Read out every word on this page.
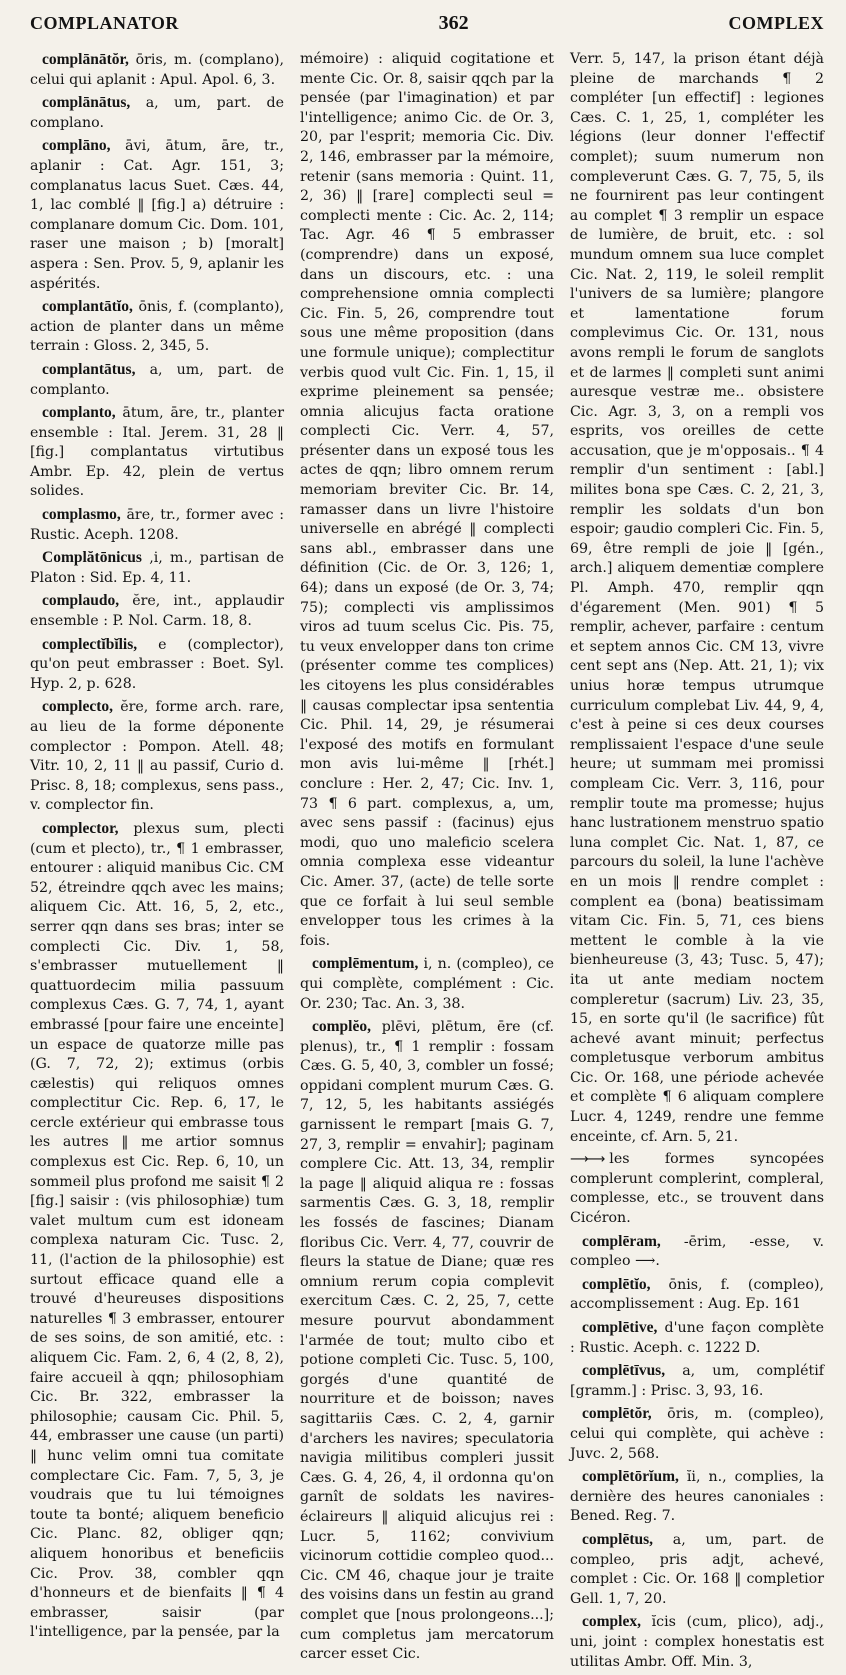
COMPLANATOR	362	COMPLEX

complānātŏr, ōris, m. (complano), celui qui aplanit : Apul. Apol. 6, 3.

complānātus, a, um, part. de complano.

complāno, āvi, ātum, āre, tr., aplanir : Cat. Agr. 151, 3; complanatus lacus Suet. Cæs. 44, 1, lac comblé ‖ [fig.] a) détruire : complanare domum Cic. Dom. 101, raser une maison ; b) [moralt] aspera : Sen. Prov. 5, 9, aplanir les aspérités.

complantātĭo, ōnis, f. (complanto), action de planter dans un même terrain : Gloss. 2, 345, 5.

complantātus, a, um, part. de complanto.

complanto, ātum, āre, tr., planter ensemble : Ital. Jerem. 31, 28 ‖ [fig.] complantatus virtutibus Ambr. Ep. 42, plein de vertus solides.

complasmo, āre, tr., former avec : Rustic. Aceph. 1208.

Complătōnicus ,i, m., partisan de Platon : Sid. Ep. 4, 11.

complaudo, ĕre, int., applaudir ensemble : P. Nol. Carm. 18, 8.

complectĭbĭlis, e (complector), qu'on peut embrasser : Boet. Syl. Hyp. 2, p. 628.

complecto, ĕre, forme arch. rare, au lieu de la forme déponente complector : Pompon. Atell. 48; Vitr. 10, 2, 11 ‖ au passif, Curio d. Prisc. 8, 18; complexus, sens pass., v. complector fin.

complector, plexus sum, plecti (cum et plecto), tr., ¶ 1 embrasser, entourer : aliquid manibus Cic. CM 52, étreindre qqch avec les mains; aliquem Cic. Att. 16, 5, 2, etc., serrer qqn dans ses bras; inter se complecti Cic. Div. 1, 58, s'embrasser mutuellement ‖ quattuordecim milia passuum complexus Cæs. G. 7, 74, 1, ayant embrassé [pour faire une enceinte] un espace de quatorze mille pas (G. 7, 72, 2); extimus (orbis cælestis) qui reliquos omnes complectitur Cic. Rep. 6, 17, le cercle extérieur qui embrasse tous les autres ‖ me artior somnus complexus est Cic. Rep. 6, 10, un sommeil plus profond me saisit ¶ 2 [fig.] saisir : (vis philosophiæ) tum valet multum cum est idoneam complexa naturam Cic. Tusc. 2, 11, (l'action de la philosophie) est surtout efficace quand elle a trouvé d'heureuses dispositions naturelles ¶ 3 embrasser, entourer de ses soins, de son amitié, etc. : aliquem Cic. Fam. 2, 6, 4 (2, 8, 2), faire accueil à qqn; philosophiam Cic. Br. 322, embrasser la philosophie; causam Cic. Phil. 5, 44, embrasser une cause (un parti) ‖ hunc velim omni tua comitate complectare Cic. Fam. 7, 5, 3, je voudrais que tu lui témoignes toute ta bonté; aliquem beneficio Cic. Planc. 82, obliger qqn; aliquem honoribus et beneficiis Cic. Prov. 38, combler qqn d'honneurs et de bienfaits ‖ ¶ 4 embrasser, saisir (par l'intelligence, par la pensée, par la

mémoire) : aliquid cogitatione et mente Cic. Or. 8, saisir qqch par la pensée (par l'imagination) et par l'intelligence; animo Cic. de Or. 3, 20, par l'esprit; memoria Cic. Div. 2, 146, embrasser par la mémoire, retenir (sans memoria : Quint. 11, 2, 36) ‖ [rare] complecti seul = complecti mente : Cic. Ac. 2, 114; Tac. Agr. 46 ¶ 5 embrasser (comprendre) dans un exposé, dans un discours, etc. : una comprehensione omnia complecti Cic. Fin. 5, 26, comprendre tout sous une même proposition (dans une formule unique); complectitur verbis quod vult Cic. Fin. 1, 15, il exprime pleinement sa pensée; omnia alicujus facta oratione complecti Cic. Verr. 4, 57, présenter dans un exposé tous les actes de qqn; libro omnem rerum memoriam breviter Cic. Br. 14, ramasser dans un livre l'histoire universelle en abrégé ‖ complecti sans abl., embrasser dans une définition (Cic. de Or. 3, 126; 1, 64); dans un exposé (de Or. 3, 74; 75); complecti vis amplissimos viros ad tuum scelus Cic. Pis. 75, tu veux envelopper dans ton crime (présenter comme tes complices) les citoyens les plus considérables ‖ causas complectar ipsa sententia Cic. Phil. 14, 29, je résumerai l'exposé des motifs en formulant mon avis lui-même ‖ [rhét.] conclure : Her. 2, 47; Cic. Inv. 1, 73 ¶ 6 part. complexus, a, um, avec sens passif : (facinus) ejus modi, quo uno maleficio scelera omnia complexa esse videantur Cic. Amer. 37, (acte) de telle sorte que ce forfait à lui seul semble envelopper tous les crimes à la fois.

complēmentum, i, n. (compleo), ce qui complète, complément : Cic. Or. 230; Tac. An. 3, 38.

complĕo, plēvi, plētum, ēre (cf. plenus), tr., ¶ 1 remplir : fossam Cæs. G. 5, 40, 3, combler un fossé; oppidani complent murum Cæs. G. 7, 12, 5, les habitants assiégés garnissent le rempart [mais G. 7, 27, 3, remplir = envahir]; paginam complere Cic. Att. 13, 34, remplir la page ‖ aliquid aliqua re : fossas sarmentis Cæs. G. 3, 18, remplir les fossés de fascines; Dianam floribus Cic. Verr. 4, 77, couvrir de fleurs la statue de Diane; quæ res omnium rerum copia complevit exercitum Cæs. C. 2, 25, 7, cette mesure pourvut abondamment l'armée de tout; multo cibo et potione completi Cic. Tusc. 5, 100, gorgés d'une quantité de nourriture et de boisson; naves sagittariis Cæs. C. 2, 4, garnir d'archers les navires; speculatoria navigia militibus compleri jussit Cæs. G. 4, 26, 4, il ordonna qu'on garnît de soldats les navires-éclaireurs ‖ aliquid alicujus rei : Lucr. 5, 1162; convivium vicinorum cottidie compleo quod... Cic. CM 46, chaque jour je traite des voisins dans un festin au grand complet que [nous prolongeons...]; cum completus jam mercatorum carcer esset Cic.

Verr. 5, 147, la prison étant déjà pleine de marchands ¶ 2 compléter [un effectif] : legiones Cæs. C. 1, 25, 1, compléter les légions (leur donner l'effectif complet); suum numerum non compleverunt Cæs. G. 7, 75, 5, ils ne fournirent pas leur contingent au complet ¶ 3 remplir un espace de lumière, de bruit, etc. : sol mundum omnem sua luce complet Cic. Nat. 2, 119, le soleil remplit l'univers de sa lumière; plangore et lamentatione forum complevimus Cic. Or. 131, nous avons rempli le forum de sanglots et de larmes ‖ completi sunt animi auresque vestræ me.. obsistere Cic. Agr. 3, 3, on a rempli vos esprits, vos oreilles de cette accusation, que je m'opposais.. ¶ 4 remplir d'un sentiment : [abl.] milites bona spe Cæs. C. 2, 21, 3, remplir les soldats d'un bon espoir; gaudio compleri Cic. Fin. 5, 69, être rempli de joie ‖ [gén., arch.] aliquem dementiæ complere Pl. Amph. 470, remplir qqn d'égarement (Men. 901) ¶ 5 remplir, achever, parfaire : centum et septem annos Cic. CM 13, vivre cent sept ans (Nep. Att. 21, 1); vix unius horæ tempus utrumque curriculum complebat Liv. 44, 9, 4, c'est à peine si ces deux courses remplissaient l'espace d'une seule heure; ut summam mei promissi compleam Cic. Verr. 3, 116, pour remplir toute ma promesse; hujus hanc lustrationem menstruo spatio luna complet Cic. Nat. 1, 87, ce parcours du soleil, la lune l'achève en un mois ‖ rendre complet : complent ea (bona) beatissimam vitam Cic. Fin. 5, 71, ces biens mettent le comble à la vie bienheureuse (3, 43; Tusc. 5, 47); ita ut ante mediam noctem compleretur (sacrum) Liv. 23, 35, 15, en sorte qu'il (le sacrifice) fût achevé avant minuit; perfectus completusque verborum ambitus Cic. Or. 168, une période achevée et complète ¶ 6 aliquam complere Lucr. 4, 1249, rendre une femme enceinte, cf. Arn. 5, 21.

⟶⟶ les formes syncopées complerunt complerint, compleral, complesse, etc., se trouvent dans Cicéron.

complēram, -ērim, -esse, v. compleo ⟶.

complētĭo, ōnis, f. (compleo), accomplissement : Aug. Ep. 161

complētive, d'une façon complète : Rustic. Aceph. c. 1222 D.

complētīvus, a, um, complétif [gramm.] : Prisc. 3, 93, 16.

complētŏr, ōris, m. (compleo), celui qui complète, qui achève : Juvc. 2, 568.

complētōrĭum, ĭi, n., complies, la dernière des heures canoniales : Bened. Reg. 7.

complētus, a, um, part. de compleo, pris adjt, achevé, complet : Cic. Or. 168 ‖ completior Gell. 1, 7, 20.

complex, ĭcis (cum, plico), adj., uni, joint : complex honestatis est utilitas Ambr. Off. Min. 3,
